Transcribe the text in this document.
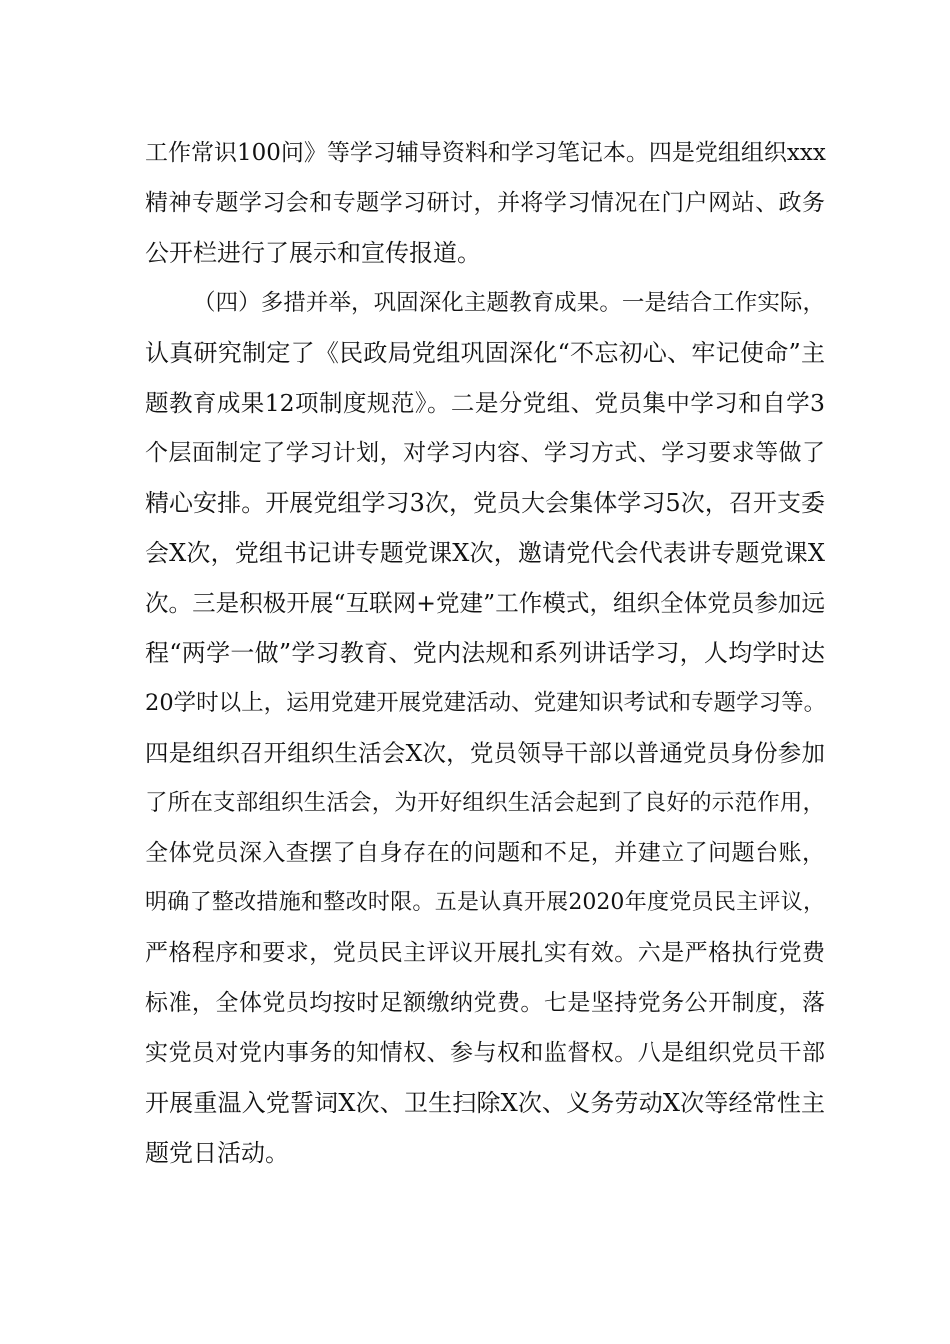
工作常识100问》等学习辅导资料和学习笔记本。四是党组组织xxx
精神专题学习会和专题学习研讨，并将学习情况在门户网站、政务
公开栏进行了展示和宣传报道。
（四）多措并举，巩固深化主题教育成果。一是结合工作实际，
认真研究制定了《民政局党组巩固深化“不忘初心、牢记使命”主
题教育成果12项制度规范》。二是分党组、党员集中学习和自学3
个层面制定了学习计划，对学习内容、学习方式、学习要求等做了
精心安排。开展党组学习3次，党员大会集体学习5次，召开支委
会X次，党组书记讲专题党课X次，邀请党代会代表讲专题党课X
次。三是积极开展“互联网+党建”工作模式，组织全体党员参加远
程“两学一做”学习教育、党内法规和系列讲话学习，人均学时达
20学时以上，运用党建开展党建活动、党建知识考试和专题学习等。
四是组织召开组织生活会X次，党员领导干部以普通党员身份参加
了所在支部组织生活会，为开好组织生活会起到了良好的示范作用，
全体党员深入查摆了自身存在的问题和不足，并建立了问题台账，
明确了整改措施和整改时限。五是认真开展2020年度党员民主评议，
严格程序和要求，党员民主评议开展扎实有效。六是严格执行党费
标准，全体党员均按时足额缴纳党费。七是坚持党务公开制度，落
实党员对党内事务的知情权、参与权和监督权。八是组织党员干部
开展重温入党誓词X次、卫生扫除X次、义务劳动X次等经常性主
题党日活动。
